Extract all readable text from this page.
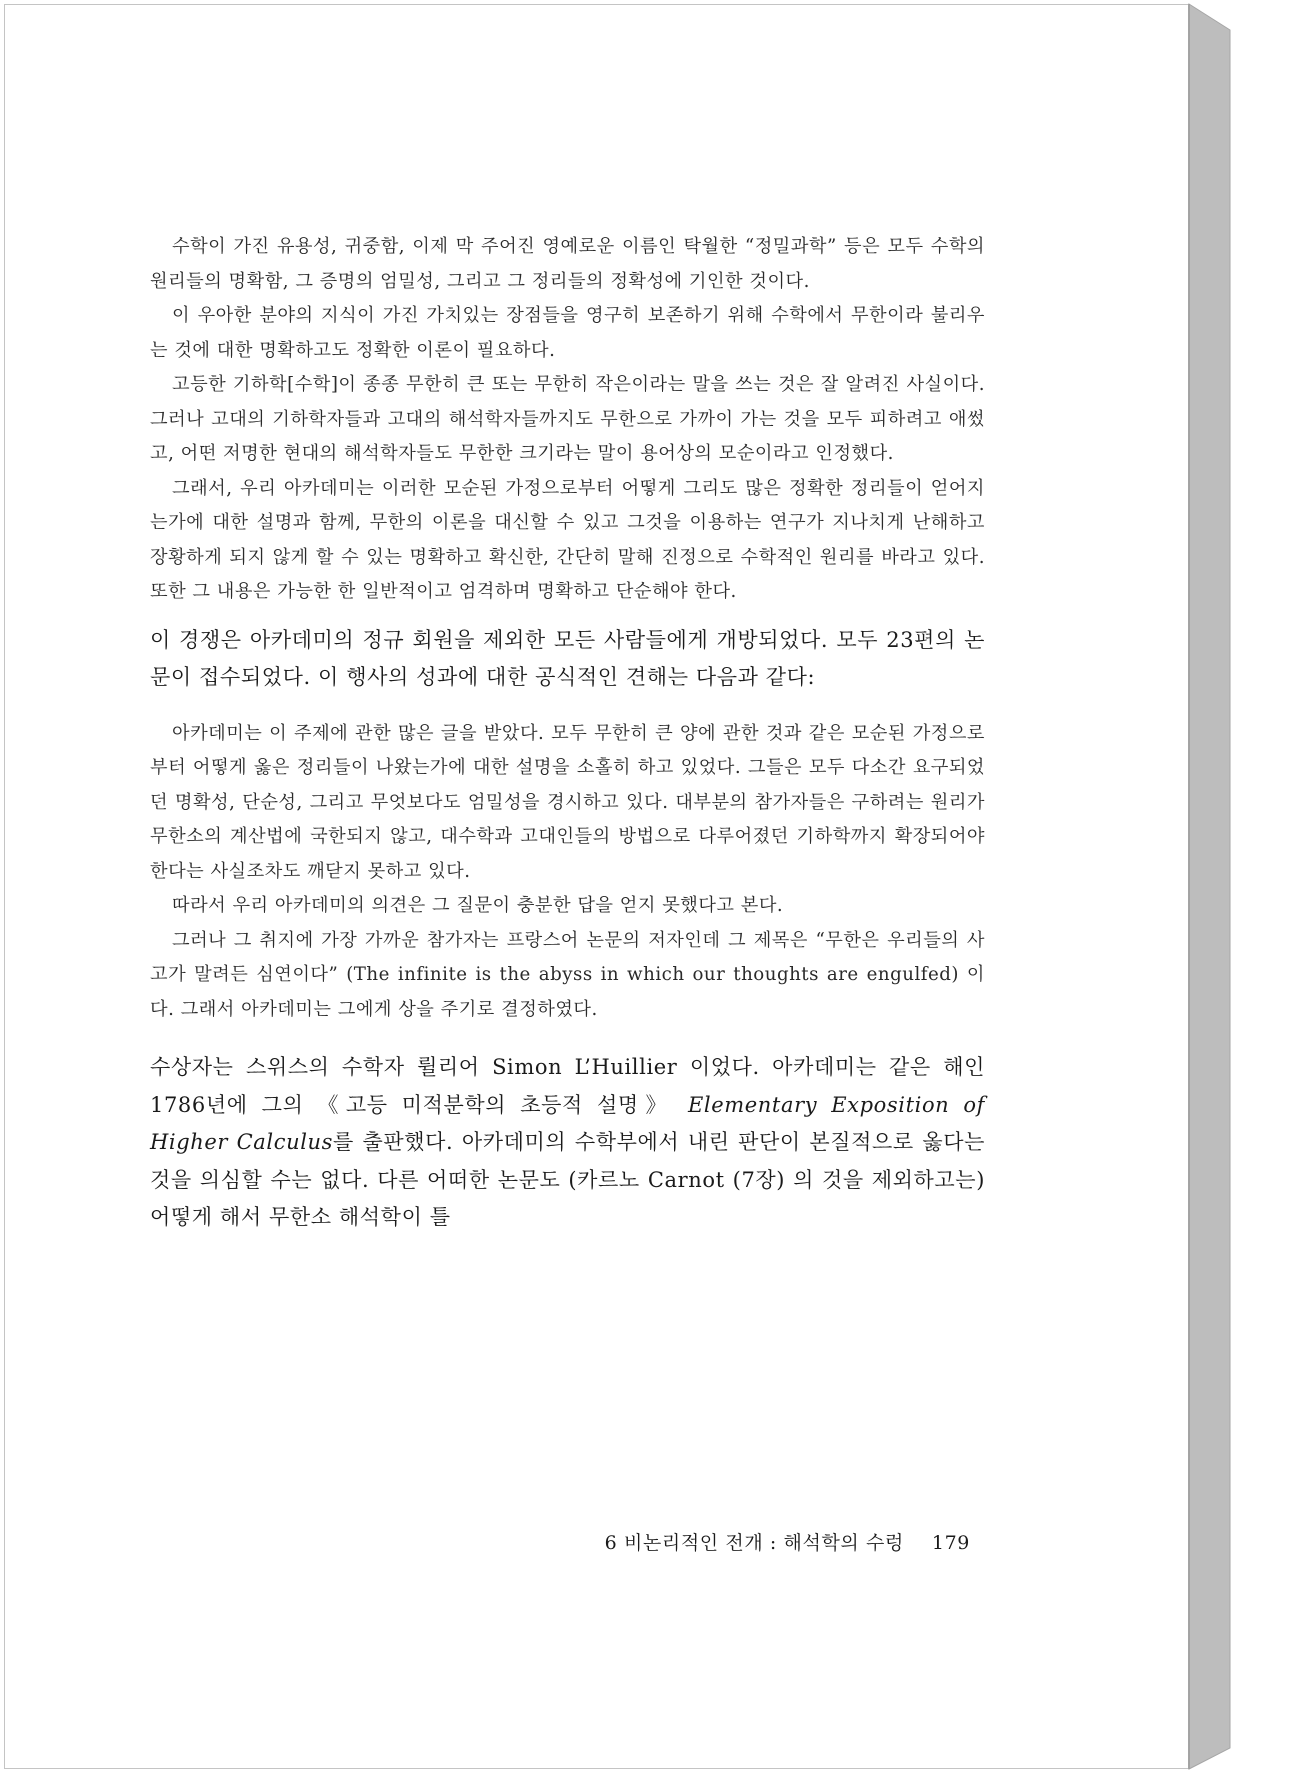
수학이 가진 유용성, 귀중함, 이제 막 주어진 영예로운 이름인 탁월한 “정밀과학” 등은 모두 수학의 원리들의 명확함, 그 증명의 엄밀성, 그리고 그 정리들의 정확성에 기인한 것이다.

이 우아한 분야의 지식이 가진 가치있는 장점들을 영구히 보존하기 위해 수학에서 무한이라 불리우는 것에 대한 명확하고도 정확한 이론이 필요하다.

고등한 기하학[수학]이 종종 무한히 큰 또는 무한히 작은이라는 말을 쓰는 것은 잘 알려진 사실이다. 그러나 고대의 기하학자들과 고대의 해석학자들까지도 무한으로 가까이 가는 것을 모두 피하려고 애썼고, 어떤 저명한 현대의 해석학자들도 무한한 크기라는 말이 용어상의 모순이라고 인정했다.

그래서, 우리 아카데미는 이러한 모순된 가정으로부터 어떻게 그리도 많은 정확한 정리들이 얻어지는가에 대한 설명과 함께, 무한의 이론을 대신할 수 있고 그것을 이용하는 연구가 지나치게 난해하고 장황하게 되지 않게 할 수 있는 명확하고 확신한, 간단히 말해 진정으로 수학적인 원리를 바라고 있다. 또한 그 내용은 가능한 한 일반적이고 엄격하며 명확하고 단순해야 한다.

이 경쟁은 아카데미의 정규 회원을 제외한 모든 사람들에게 개방되었다. 모두 23편의 논문이 접수되었다. 이 행사의 성과에 대한 공식적인 견해는 다음과 같다:

아카데미는 이 주제에 관한 많은 글을 받았다. 모두 무한히 큰 양에 관한 것과 같은 모순된 가정으로부터 어떻게 옳은 정리들이 나왔는가에 대한 설명을 소홀히 하고 있었다. 그들은 모두 다소간 요구되었던 명확성, 단순성, 그리고 무엇보다도 엄밀성을 경시하고 있다. 대부분의 참가자들은 구하려는 원리가 무한소의 계산법에 국한되지 않고, 대수학과 고대인들의 방법으로 다루어졌던 기하학까지 확장되어야 한다는 사실조차도 깨닫지 못하고 있다.

따라서 우리 아카데미의 의견은 그 질문이 충분한 답을 얻지 못했다고 본다.

그러나 그 취지에 가장 가까운 참가자는 프랑스어 논문의 저자인데 그 제목은 “무한은 우리들의 사고가 말려든 심연이다” (The infinite is the abyss in which our thoughts are engulfed) 이다. 그래서 아카데미는 그에게 상을 주기로 결정하였다.

수상자는 스위스의 수학자 륄리어 Simon L’Huillier 이었다. 아카데미는 같은 해인 1786년에 그의 《고등 미적분학의 초등적 설명》 Elementary Exposition of Higher Calculus를 출판했다. 아카데미의 수학부에서 내린 판단이 본질적으로 옳다는 것을 의심할 수는 없다. 다른 어떠한 논문도 (카르노 Carnot (7장) 의 것을 제외하고는) 어떻게 해서 무한소 해석학이 틀

6 비논리적인 전개 : 해석학의 수렁 179
